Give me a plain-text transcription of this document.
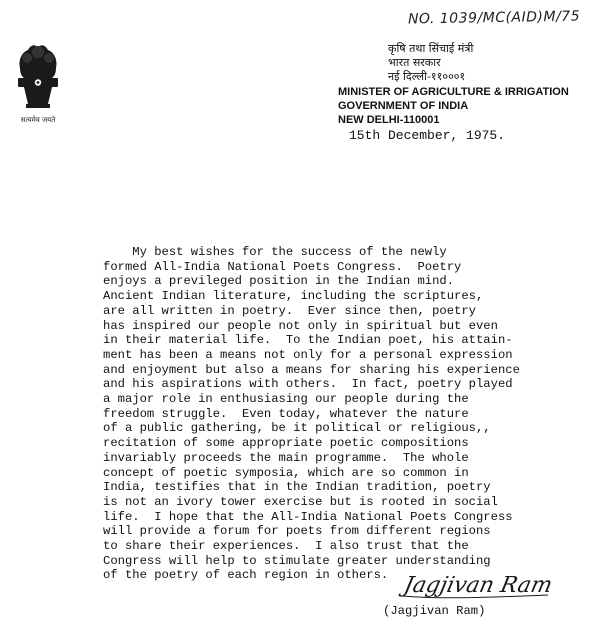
NO. 1039/MC(AID)M/75
सत्यमेव जयते
कृषि तथा सिंचाई मंत्री
भारत सरकार
नई दिल्ली-११०००१
MINISTER OF AGRICULTURE & IRRIGATION
GOVERNMENT OF INDIA
NEW DELHI-110001
15th December, 1975.
My best wishes for the success of the newly
formed All-India National Poets Congress.  Poetry
enjoys a previleged position in the Indian mind.
Ancient Indian literature, including the scriptures,
are all written in poetry.  Ever since then, poetry
has inspired our people not only in spiritual but even
in their material life.  To the Indian poet, his attain-
ment has been a means not only for a personal expression
and enjoyment but also a means for sharing his experience
and his aspirations with others.  In fact, poetry played
a major role in enthusiasing our people during the
freedom struggle.  Even today, whatever the nature
of a public gathering, be it political or religious,,
recitation of some appropriate poetic compositions
invariably proceeds the main programme.  The whole
concept of poetic symposia, which are so common in
India, testifies that in the Indian tradition, poetry
is not an ivory tower exercise but is rooted in social
life.  I hope that the All-India National Poets Congress
will provide a forum for poets from different regions
to share their experiences.  I also trust that the
Congress will help to stimulate greater understanding
of the poetry of each region in others. Jagjivan Ram
(Jagjivan Ram)
